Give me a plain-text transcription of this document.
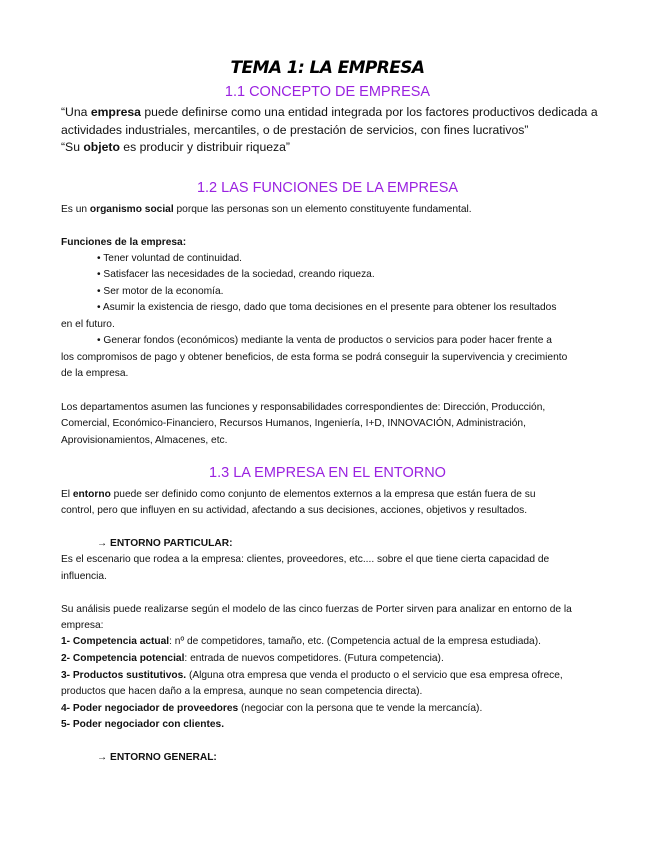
TEMA 1: LA EMPRESA
1.1 CONCEPTO DE EMPRESA

“Una empresa puede definirse como una entidad integrada por los factores productivos dedicada a

actividades industriales, mercantiles, o de prestación de servicios, con fines lucrativos”

“Su objeto es producir y distribuir riqueza”

1.2 LAS FUNCIONES DE LA EMPRESA

Es un organismo social porque las personas son un elemento constituyente fundamental.

Funciones de la empresa:

• Tener voluntad de continuidad.

• Satisfacer las necesidades de la sociedad, creando riqueza.

• Ser motor de la economía.

• Asumir la existencia de riesgo, dado que toma decisiones en el presente para obtener los resultados

en el futuro.

• Generar fondos (económicos) mediante la venta de productos o servicios para poder hacer frente a

los compromisos de pago y obtener beneficios, de esta forma se podrá conseguir la supervivencia y crecimiento

de la empresa.

Los departamentos asumen las funciones y responsabilidades correspondientes de: Dirección, Producción,

Comercial, Económico-Financiero, Recursos Humanos, Ingeniería, I+D, INNOVACIÓN, Administración,

Aprovisionamientos, Almacenes, etc.

1.3 LA EMPRESA EN EL ENTORNO

El entorno puede ser definido como conjunto de elementos externos a la empresa que están fuera de su

control, pero que influyen en su actividad, afectando a sus decisiones, acciones, objetivos y resultados.

→ ENTORNO PARTICULAR:

Es el escenario que rodea a la empresa: clientes, proveedores, etc.... sobre el que tiene cierta capacidad de

influencia.

Su análisis puede realizarse según el modelo de las cinco fuerzas de Porter sirven para analizar en entorno de la

empresa:

1- Competencia actual: nº de competidores, tamaño, etc. (Competencia actual de la empresa estudiada).

2- Competencia potencial: entrada de nuevos competidores. (Futura competencia).

3- Productos sustitutivos. (Alguna otra empresa que venda el producto o el servicio que esa empresa ofrece,

productos que hacen daño a la empresa, aunque no sean competencia directa).

4- Poder negociador de proveedores (negociar con la persona que te vende la mercancía).

5- Poder negociador con clientes.

→ ENTORNO GENERAL:
